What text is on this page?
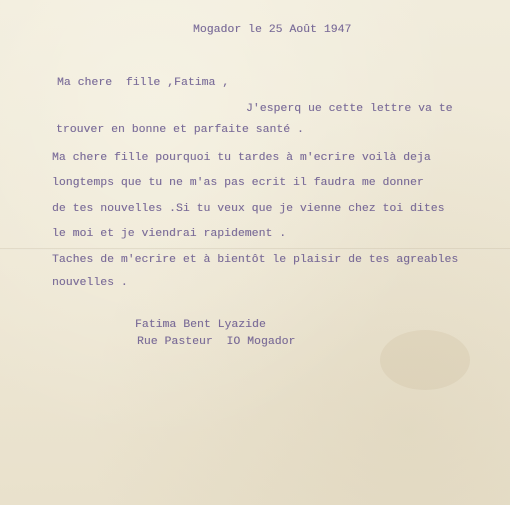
Mogador le 25 Août 1947
Ma chere  fille ,Fatima ,
J'esperq ue cette lettre va te
trouver en bonne et parfaite santé .
Ma chere fille pourquoi tu tardes à m'ecrire voilà deja
longtemps que tu ne m'as pas ecrit il faudra me donner
de tes nouvelles .Si tu veux que je vienne chez toi dites
le moi et je viendrai rapidement .
Taches de m'ecrire et à bientôt le plaisir de tes agreables
nouvelles .
Fatima Bent Lyazide
Rue Pasteur  IO Mogador
